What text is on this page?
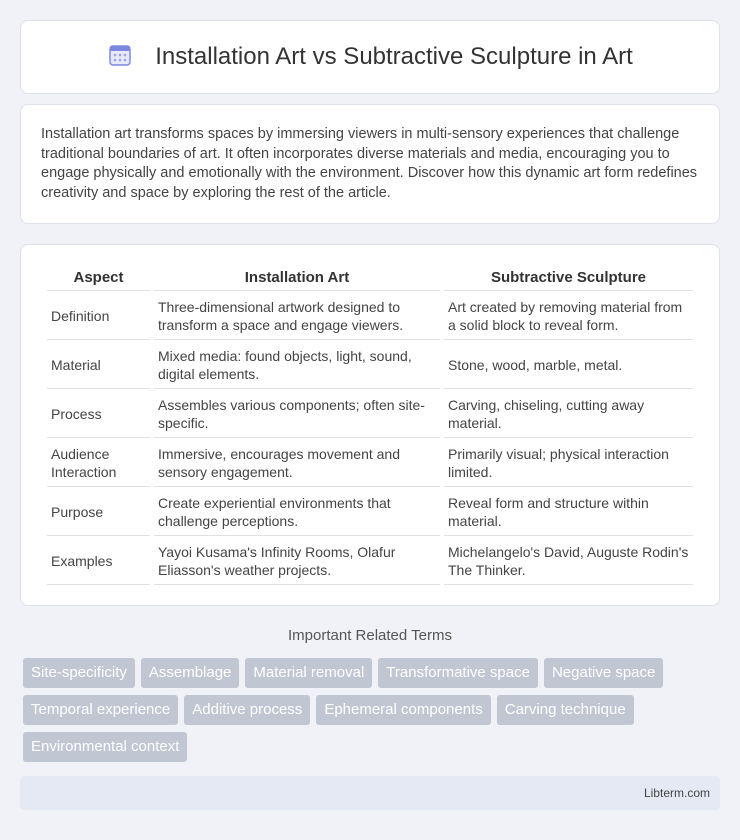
Installation Art vs Subtractive Sculpture in Art

Installation art transforms spaces by immersing viewers in multi-sensory experiences that challenge traditional boundaries of art. It often incorporates diverse materials and media, encouraging you to engage physically and emotionally with the environment. Discover how this dynamic art form redefines creativity and space by exploring the rest of the article.

Aspect	Installation Art	Subtractive Sculpture
Definition	Three-dimensional artwork designed to transform a space and engage viewers.	Art created by removing material from a solid block to reveal form.
Material	Mixed media: found objects, light, sound, digital elements.	Stone, wood, marble, metal.
Process	Assembles various components; often site-specific.	Carving, chiseling, cutting away material.
Audience Interaction	Immersive, encourages movement and sensory engagement.	Primarily visual; physical interaction limited.
Purpose	Create experiential environments that challenge perceptions.	Reveal form and structure within material.
Examples	Yayoi Kusama's Infinity Rooms, Olafur Eliasson's weather projects.	Michelangelo's David, Auguste Rodin's The Thinker.
Important Related Terms
Site-specificity	Assemblage	Material removal	Transformative space	Negative space
Temporal experience	Additive process	Ephemeral components	Carving technique
Environmental context
Libterm.com
